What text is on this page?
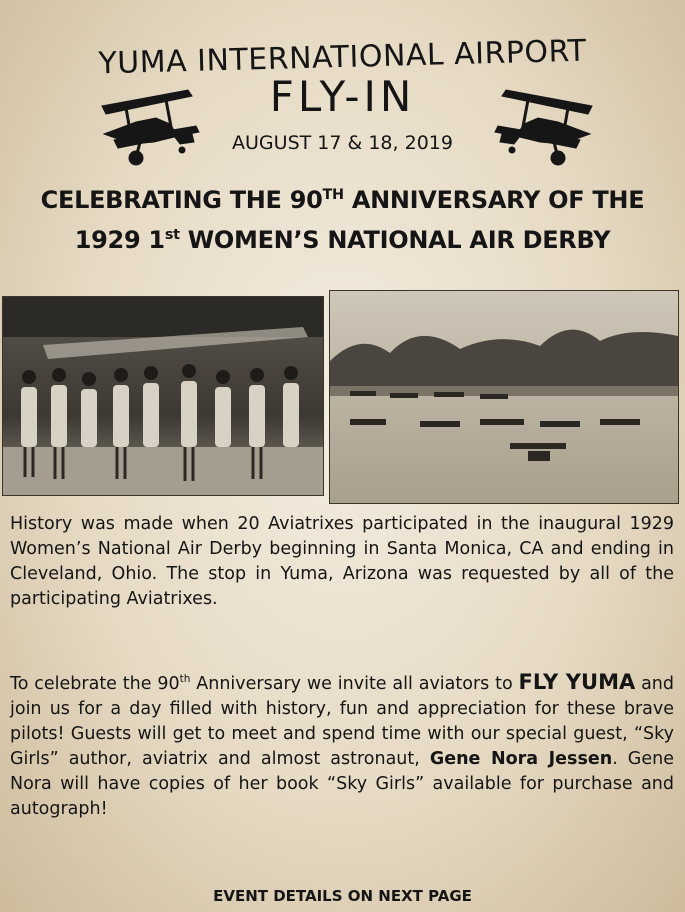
YUMA INTERNATIONAL AIRPORT
FLY-IN
AUGUST 17 & 18, 2019
CELEBRATING THE 90TH ANNIVERSARY OF THE
1929 1st WOMEN’S NATIONAL AIR DERBY
History was made when 20 Aviatrixes participated in the inaugural 1929 Women’s National Air Derby beginning in Santa Monica, CA and ending in Cleveland, Ohio. The stop in Yuma, Arizona was requested by all of the participating Aviatrixes.
To celebrate the 90th Anniversary we invite all aviators to FLY YUMA and join us for a day filled with history, fun and appreciation for these brave pilots! Guests will get to meet and spend time with our special guest, “Sky Girls” author, aviatrix and almost astronaut, Gene Nora Jessen. Gene Nora will have copies of her book “Sky Girls” available for purchase and autograph!
EVENT DETAILS ON NEXT PAGE
